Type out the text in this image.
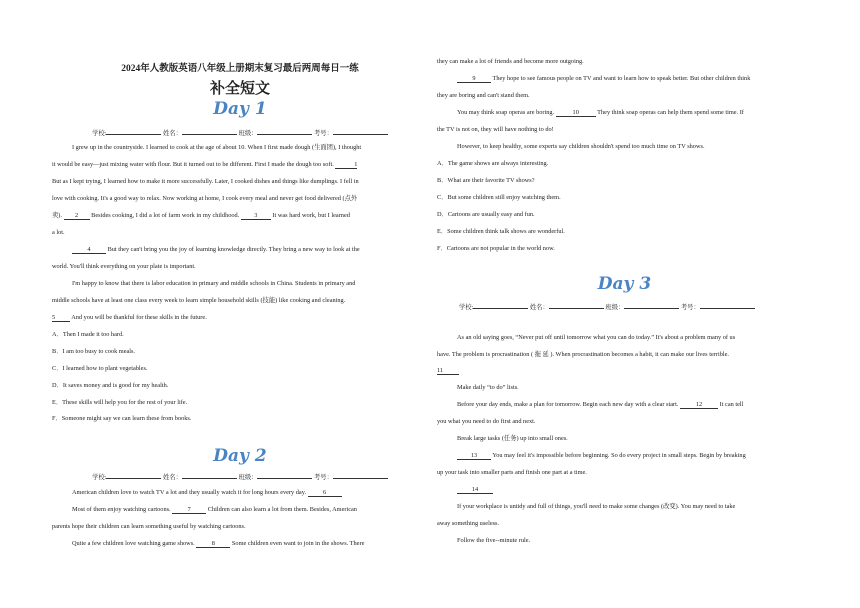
2024年人教版英语八年级上册期末复习最后两周每日一练
补全短文
Day 1
学校:	姓名：	班级：	考号：
I grew up in the countryside. I learned to cook at the age of about 10. When I first made dough (生面团), I thought
it would be easy—just mixing water with flour. But it turned out to be different. First I made the dough too soft.	1
But as I kept trying, I learned how to make it more successfully. Later, I cooked dishes and things like dumplings. I fell in
love with cooking. It's a good way to relax. Now working at home, I cook every meal and never get food delivered (点外
卖). 2 Besides cooking, I did a lot of farm work in my childhood. 3 It was hard work, but I learned
a lot.
4	But they can't bring you the joy of learning knowledge directly. They bring a new way to look at the
world. You'll think everything on your plate is important.
I'm happy to know that there is labor education in primary and middle schools in China. Students in primary and
middle schools have at least one class every week to learn simple household skills (技能) like cooking and cleaning.
5	And you will be thankful for these skills in the future.
A．Then I made it too hard.
B．I am too busy to cook meals.
C．I learned how to plant vegetables.
D．It saves money and is good for my health.
E．These skills will help you for the rest of your life.
F．Someone might say we can learn these from books.
Day 2
学校:	姓名：	班级：	考号：
American children love to watch TV a lot and they usually watch it for long hours every day.	6
Most of them enjoy watching cartoons.	7	Children can also learn a lot from them. Besides, American
parents hope their children can learn something useful by watching cartoons.
Quite a few children love watching game shows.	8	Some children even want to join in the shows. There
they can make a lot of friends and become more outgoing.
9	They hope to see famous people on TV and want to learn how to speak better. But other children think
they are boring and can't stand them.
You may think soap operas are boring.	10	They think soap operas can help them spend some time. If
the TV is not on, they will have nothing to do!
However, to keep healthy, some experts say children shouldn't spend too much time on TV shows.
A．The game shows are always interesting.
B．What are their favorite TV shows?
C．But some children still enjoy watching them.
D．Cartoons are usually easy and fun.
E．Some children think talk shows are wonderful.
F．Cartoons are not popular in the world now.
Day 3
学校:	姓名：	班级：	考号：
As an old saying goes, “Never put off until tomorrow what you can do today.” It's about a problem many of us
have. The problem is procrastination ( 拖 延 ). When procrastination becomes a habit, it can make our lives terrible.
11
Make daily “to do” lists.
Before your day ends, make a plan for tomorrow. Begin each new day with a clear start.	12	It can tell
you what you need to do first and next.
Break large tasks (任务) up into small ones.
13 You may feel it's impossible before beginning. So do every project in small steps. Begin by breaking
up your task into smaller parts and finish one part at a time.
14
If your workplace is untidy and full of things, you'll need to make some changes (改变). You may need to take
away something useless.
Follow the five--minute rule.
